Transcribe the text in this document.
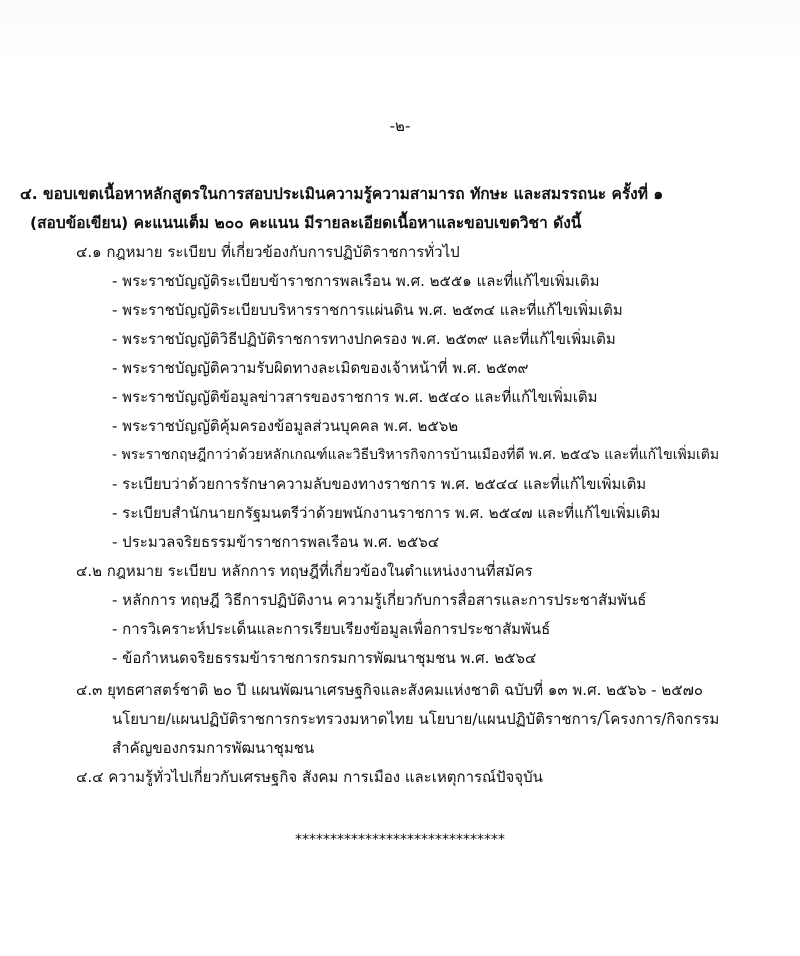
-๒-
๔. ขอบเขตเนื้อหาหลักสูตรในการสอบประเมินความรู้ความสามารถ ทักษะ และสมรรถนะ ครั้งที่ ๑
(สอบข้อเขียน) คะแนนเต็ม ๒๐๐ คะแนน มีรายละเอียดเนื้อหาและขอบเขตวิชา ดังนี้
๔.๑ กฎหมาย ระเบียบ ที่เกี่ยวข้องกับการปฏิบัติราชการทั่วไป
- พระราชบัญญัติระเบียบข้าราชการพลเรือน พ.ศ. ๒๕๕๑ และที่แก้ไขเพิ่มเติม
- พระราชบัญญัติระเบียบบริหารราชการแผ่นดิน พ.ศ. ๒๕๓๔ และที่แก้ไขเพิ่มเติม
- พระราชบัญญัติวิธีปฏิบัติราชการทางปกครอง พ.ศ. ๒๕๓๙ และที่แก้ไขเพิ่มเติม
- พระราชบัญญัติความรับผิดทางละเมิดของเจ้าหน้าที่ พ.ศ. ๒๕๓๙
- พระราชบัญญัติข้อมูลข่าวสารของราชการ พ.ศ. ๒๕๔๐ และที่แก้ไขเพิ่มเติม
- พระราชบัญญัติคุ้มครองข้อมูลส่วนบุคคล พ.ศ. ๒๕๖๒
- พระราชกฤษฎีกาว่าด้วยหลักเกณฑ์และวิธีบริหารกิจการบ้านเมืองที่ดี พ.ศ. ๒๕๔๖ และที่แก้ไขเพิ่มเติม
- ระเบียบว่าด้วยการรักษาความลับของทางราชการ พ.ศ. ๒๕๔๔ และที่แก้ไขเพิ่มเติม
- ระเบียบสำนักนายกรัฐมนตรีว่าด้วยพนักงานราชการ พ.ศ. ๒๕๔๗ และที่แก้ไขเพิ่มเติม
- ประมวลจริยธรรมข้าราชการพลเรือน พ.ศ. ๒๕๖๔
๔.๒ กฎหมาย ระเบียบ หลักการ ทฤษฎีที่เกี่ยวข้องในตำแหน่งงานที่สมัคร
- หลักการ ทฤษฎี วิธีการปฏิบัติงาน ความรู้เกี่ยวกับการสื่อสารและการประชาสัมพันธ์
- การวิเคราะห์ประเด็นและการเรียบเรียงข้อมูลเพื่อการประชาสัมพันธ์
- ข้อกำหนดจริยธรรมข้าราชการกรมการพัฒนาชุมชน พ.ศ. ๒๕๖๔
๔.๓ ยุทธศาสตร์ชาติ ๒๐ ปี แผนพัฒนาเศรษฐกิจและสังคมแห่งชาติ ฉบับที่ ๑๓ พ.ศ. ๒๕๖๖ - ๒๕๗๐
นโยบาย/แผนปฏิบัติราชการกระทรวงมหาดไทย นโยบาย/แผนปฏิบัติราชการ/โครงการ/กิจกรรม
สำคัญของกรมการพัฒนาชุมชน
๔.๔ ความรู้ทั่วไปเกี่ยวกับเศรษฐกิจ สังคม การเมือง และเหตุการณ์ปัจจุบัน
******************************
